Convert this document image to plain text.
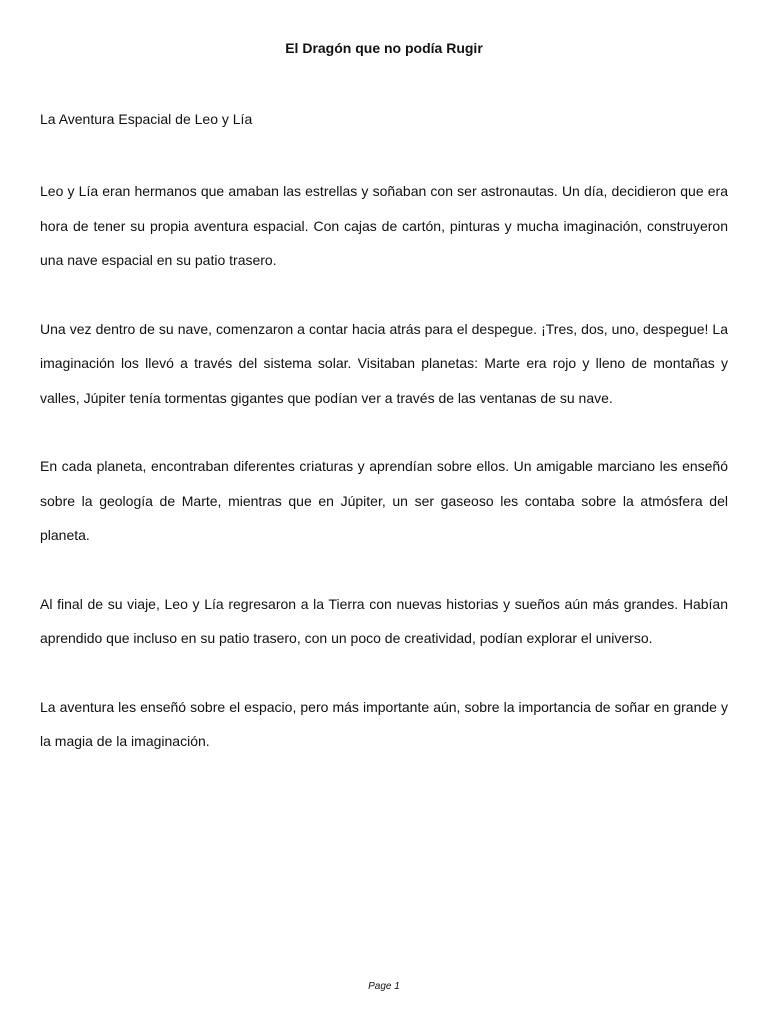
El Dragón que no podía Rugir
La Aventura Espacial de Leo y Lía

Leo y Lía eran hermanos que amaban las estrellas y soñaban con ser astronautas. Un día, decidieron que era hora de tener su propia aventura espacial. Con cajas de cartón, pinturas y mucha imaginación, construyeron una nave espacial en su patio trasero.

Una vez dentro de su nave, comenzaron a contar hacia atrás para el despegue. ¡Tres, dos, uno, despegue! La imaginación los llevó a través del sistema solar. Visitaban planetas: Marte era rojo y lleno de montañas y valles, Júpiter tenía tormentas gigantes que podían ver a través de las ventanas de su nave.

En cada planeta, encontraban diferentes criaturas y aprendían sobre ellos. Un amigable marciano les enseñó sobre la geología de Marte, mientras que en Júpiter, un ser gaseoso les contaba sobre la atmósfera del planeta.

Al final de su viaje, Leo y Lía regresaron a la Tierra con nuevas historias y sueños aún más grandes. Habían aprendido que incluso en su patio trasero, con un poco de creatividad, podían explorar el universo.

La aventura les enseñó sobre el espacio, pero más importante aún, sobre la importancia de soñar en grande y la magia de la imaginación.

Page 1
